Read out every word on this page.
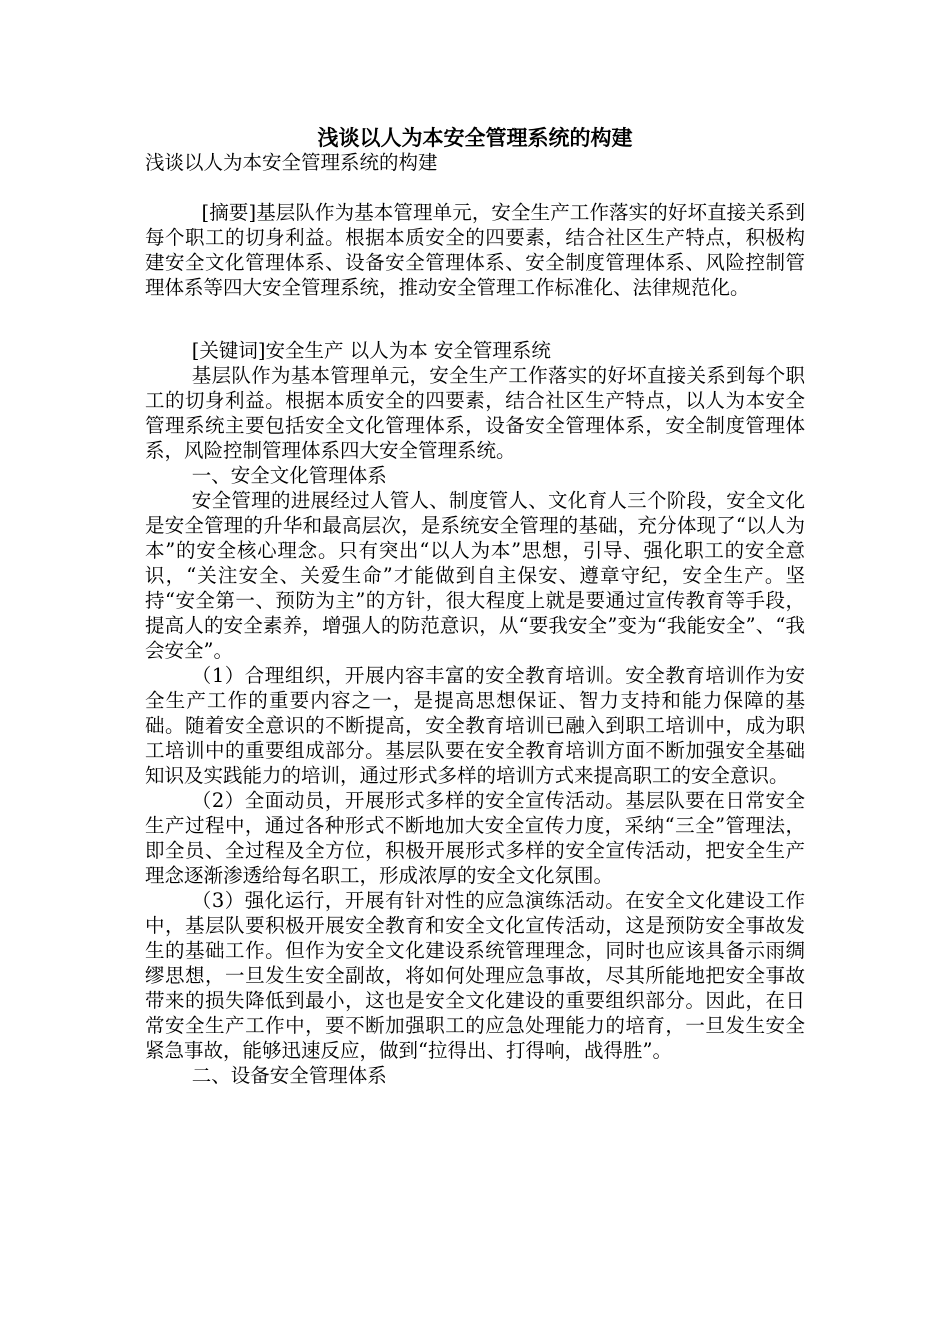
浅谈以人为本安全管理系统的构建

浅谈以人为本安全管理系统的构建

[摘要]基层队作为基本管理单元，安全生产工作落实的好坏直接关系到每个职工的切身利益。根据本质安全的四要素，结合社区生产特点，积极构建安全文化管理体系、设备安全管理体系、安全制度管理体系、风险控制管理体系等四大安全管理系统，推动安全管理工作标准化、法律规范化。

[关键词]安全生产 以人为本 安全管理系统

基层队作为基本管理单元，安全生产工作落实的好坏直接关系到每个职工的切身利益。根据本质安全的四要素，结合社区生产特点，以人为本安全管理系统主要包括安全文化管理体系，设备安全管理体系，安全制度管理体系，风险控制管理体系四大安全管理系统。

一、安全文化管理体系

安全管理的进展经过人管人、制度管人、文化育人三个阶段，安全文化是安全管理的升华和最高层次，是系统安全管理的基础，充分体现了“以人为本”的安全核心理念。只有突出“以人为本”思想，引导、强化职工的安全意识，“关注安全、关爱生命”才能做到自主保安、遵章守纪，安全生产。坚持“安全第一、预防为主”的方针，很大程度上就是要通过宣传教育等手段，提高人的安全素养，增强人的防范意识，从“要我安全”变为“我能安全”、“我会安全”。

（1）合理组织，开展内容丰富的安全教育培训。安全教育培训作为安全生产工作的重要内容之一，是提高思想保证、智力支持和能力保障的基础。随着安全意识的不断提高，安全教育培训已融入到职工培训中，成为职工培训中的重要组成部分。基层队要在安全教育培训方面不断加强安全基础知识及实践能力的培训，通过形式多样的培训方式来提高职工的安全意识。

（2）全面动员，开展形式多样的安全宣传活动。基层队要在日常安全生产过程中，通过各种形式不断地加大安全宣传力度，采纳“三全”管理法，即全员、全过程及全方位，积极开展形式多样的安全宣传活动，把安全生产理念逐渐渗透给每名职工，形成浓厚的安全文化氛围。

（3）强化运行，开展有针对性的应急演练活动。在安全文化建设工作中，基层队要积极开展安全教育和安全文化宣传活动，这是预防安全事故发生的基础工作。但作为安全文化建设系统管理理念，同时也应该具备示雨绸缪思想，一旦发生安全副故，将如何处理应急事故，尽其所能地把安全事故带来的损失降低到最小，这也是安全文化建设的重要组织部分。因此，在日常安全生产工作中，要不断加强职工的应急处理能力的培育，一旦发生安全紧急事故，能够迅速反应，做到“拉得出、打得响，战得胜”。

二、设备安全管理体系
